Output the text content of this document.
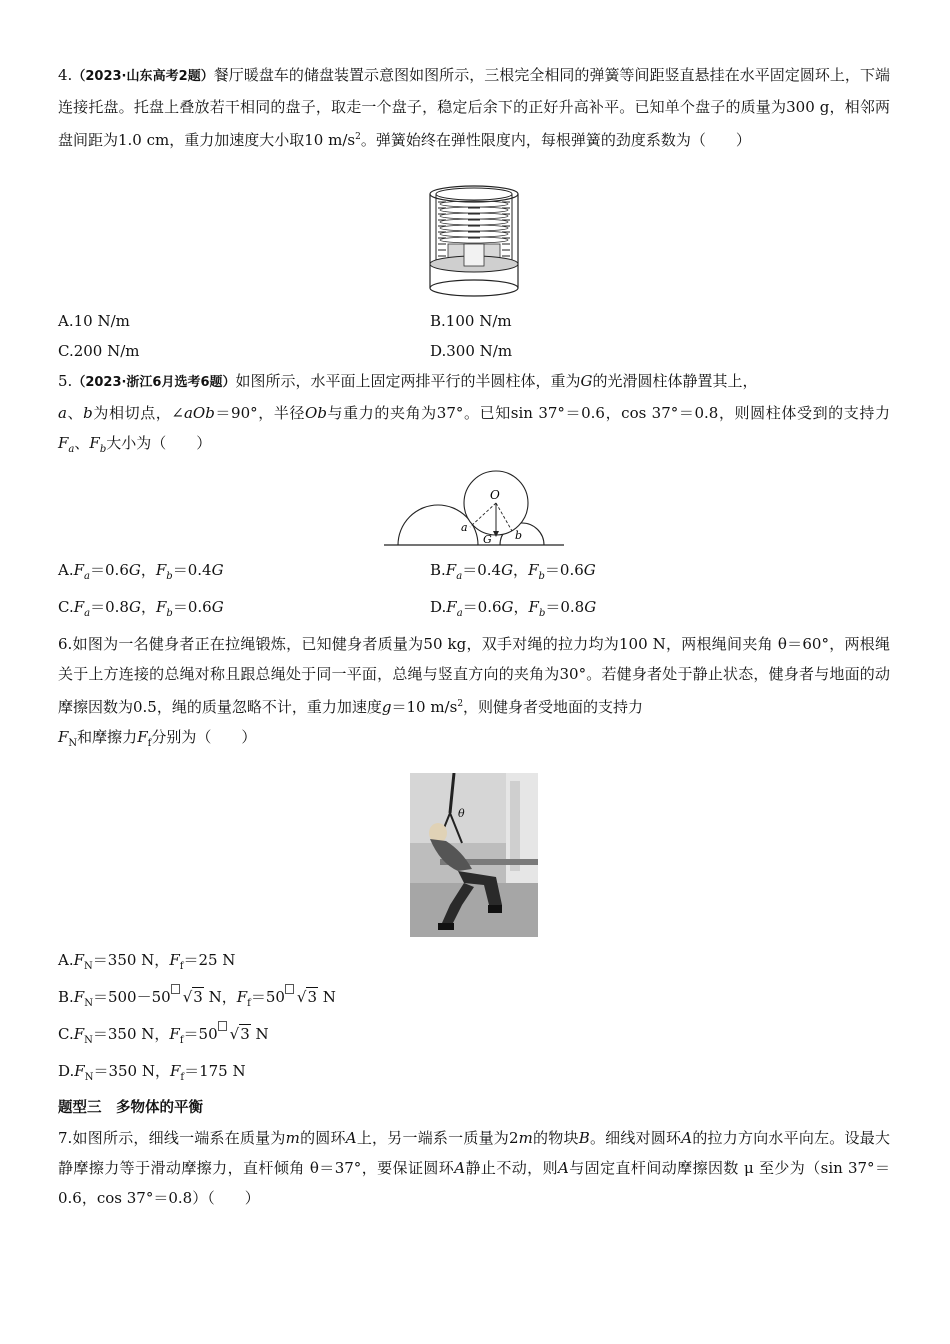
4.（2023·山东高考2题）餐厅暖盘车的储盘装置示意图如图所示，三根完全相同的弹簧等间距竖直悬挂在水平固定圆环上，下端连接托盘。托盘上叠放若干相同的盘子，取走一个盘子，稳定后余下的正好升高补平。已知单个盘子的质量为300 g，相邻两盘间距为1.0 cm，重力加速度大小取10 $m/s^2$。弹簧始终在弹性限度内，每根弹簧的劲度系数为（　　）

A.10 N/m	B.100 N/m
C.200 N/m	D.300 N/m

5.（2023·浙江6月选考6题）如图所示，水平面上固定两排平行的半圆柱体，重为G的光滑圆柱体静置其上，
a、b为相切点，∠aOb＝90°，半径Ob与重力的夹角为37°。已知sin 37°＝0.6，cos 37°＝0.8，则圆柱体受到的支持力$F_a$、$F_b$大小为（　　）

O
a
b
G
$A.F_a=0.6G$，$F_b=0.4G$	$B.F_a=0.4G$，$F_b=0.6G$
$C.F_a=0.8G$，$F_b=0.6G$	$D.F_a=0.6G$，$F_b=0.8G$

6.如图为一名健身者正在拉绳锻炼，已知健身者质量为50 kg，双手对绳的拉力均为100 N，两根绳间夹角 θ＝60°，两根绳关于上方连接的总绳对称且跟总绳处于同一平面，总绳与竖直方向的夹角为30°。若健身者处于静止状态，健身者与地面的动摩擦因数为0.5，绳的质量忽略不计，重力加速度g＝10 $m/s^2$，则健身者受地面的支持力
$F_N$和摩擦力$F_f$分别为（　　）

θ
$A.F_N=350$ N，$F_f=25$ N
$B.F_N=500-50$ √3 N，$F_f=50$ √3 N
$C.F_N=350$ N，$F_f=50$ √3 N
$D.F_N=350$ N，$F_f=175$ N
题型三　多物体的平衡

7.如图所示，细线一端系在质量为m的圆环A上，另一端系一质量为2m的物块B。细线对圆环A的拉力方向水平向左。设最大静摩擦力等于滑动摩擦力，直杆倾角 θ＝37°，要保证圆环A静止不动，则A与固定直杆间动摩擦因数 μ 至少为（sin 37°＝0.6，cos 37°＝0.8）（　　）
